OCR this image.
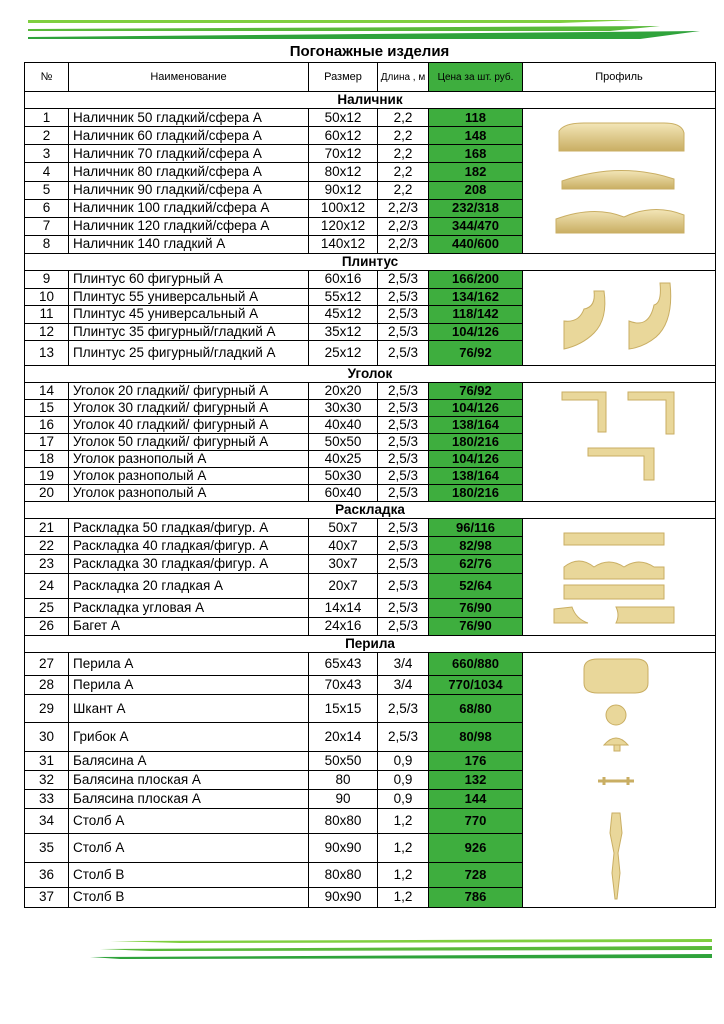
Погонажные изделия
№	Наименование	Размер	Длина , м	Цена за шт. руб.	Профиль
Наличник					
1	Наличник 50 гладкий/сфера А	50x12	2,2	118	
2	Наличник 60 гладкий/сфера А	60x12	2,2	148	
3	Наличник 70 гладкий/сфера А	70x12	2,2	168	
4	Наличник 80 гладкий/сфера А	80x12	2,2	182	
5	Наличник 90 гладкий/сфера А	90x12	2,2	208	
6	Наличник 100 гладкий/сфера А	100x12	2,2/3	232/318	
7	Наличник 120 гладкий/сфера А	120x12	2,2/3	344/470	
8	Наличник 140 гладкий А	140x12	2,2/3	440/600	
Плинтус					
9	Плинтус 60 фигурный А	60x16	2,5/3	166/200	
10	Плинтус 55 универсальный А	55x12	2,5/3	134/162	
11	Плинтус 45 универсальный А	45x12	2,5/3	118/142	
12	Плинтус 35 фигурный/гладкий А	35x12	2,5/3	104/126	
13	Плинтус 25 фигурный/гладкий А	25x12	2,5/3	76/92	
Уголок					
14	Уголок 20 гладкий/ фигурный А	20x20	2,5/3	76/92	
15	Уголок 30 гладкий/ фигурный А	30x30	2,5/3	104/126	
16	Уголок 40 гладкий/ фигурный А	40x40	2,5/3	138/164	
17	Уголок 50 гладкий/ фигурный А	50x50	2,5/3	180/216	
18	Уголок разнополый А	40x25	2,5/3	104/126	
19	Уголок разнополый А	50x30	2,5/3	138/164	
20	Уголок разнополый А	60x40	2,5/3	180/216	
Раскладка					
21	Раскладка 50 гладкая/фигур. А	50x7	2,5/3	96/116	
22	Раскладка 40 гладкая/фигур. А	40x7	2,5/3	82/98	
23	Раскладка 30 гладкая/фигур. А	30x7	2,5/3	62/76	
24	Раскладка 20 гладкая А	20x7	2,5/3	52/64	
25	Раскладка угловая А	14x14	2,5/3	76/90	
26	Багет А	24x16	2,5/3	76/90	
Перила					
27	Перила А	65x43	3/4	660/880	
28	Перила А	70x43	3/4	770/1034	
29	Шкант А	15x15	2,5/3	68/80	
30	Грибок А	20x14	2,5/3	80/98	
31	Балясина А	50x50	0,9	176	
32	Балясина плоская А	80	0,9	132	
33	Балясина плоская А	90	0,9	144	
34	Столб А	80x80	1,2	770	
35	Столб А	90x90	1,2	926	
36	Столб В	80x80	1,2	728	
37	Столб В	90x90	1,2	786	
